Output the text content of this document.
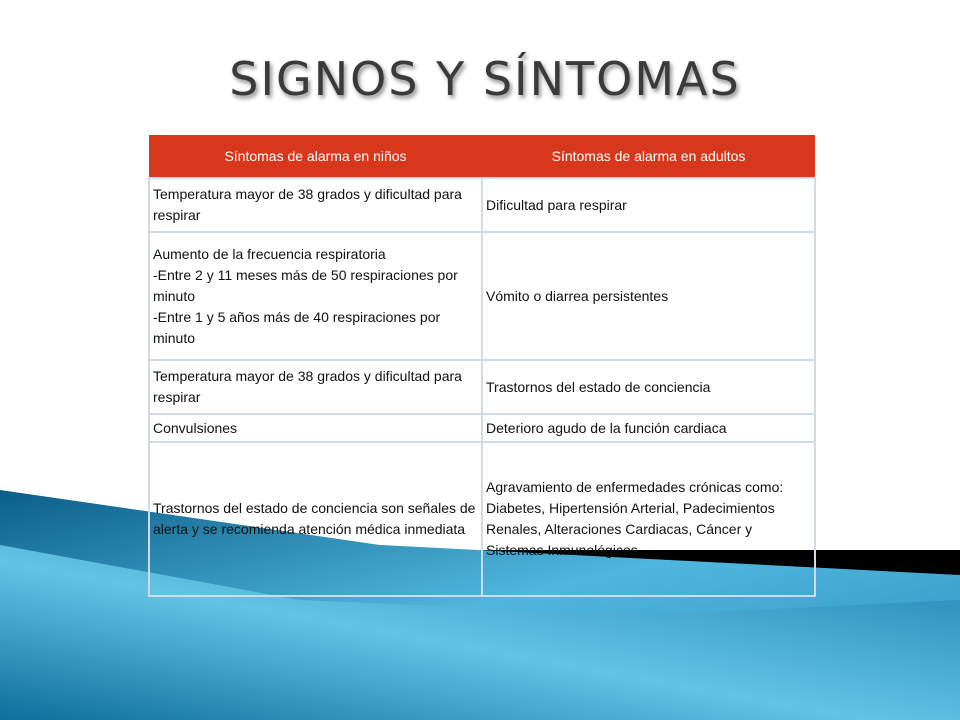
SIGNOS Y SÍNTOMAS
Síntomas de alarma en niños	Síntomas de alarma en adultos

Temperatura mayor de 38 grados y dificultad para respirar	Dificultad para respirar

Aumento de la frecuencia respiratoria
-Entre 2 y 11 meses más de 50 respiraciones por minuto
-Entre 1 y 5 años más de 40 respiraciones por minuto	Vómito o diarrea persistentes

Temperatura mayor de 38 grados y dificultad para respirar	Trastornos del estado de conciencia

Convulsiones	Deterioro agudo de la función cardiaca

Trastornos del estado de conciencia son señales de alerta y se recomienda atención médica inmediata	Agravamiento de enfermedades crónicas como: Diabetes, Hipertensión Arterial, Padecimientos Renales, Alteraciones Cardiacas, Cáncer y Sistemas Inmunológicos
